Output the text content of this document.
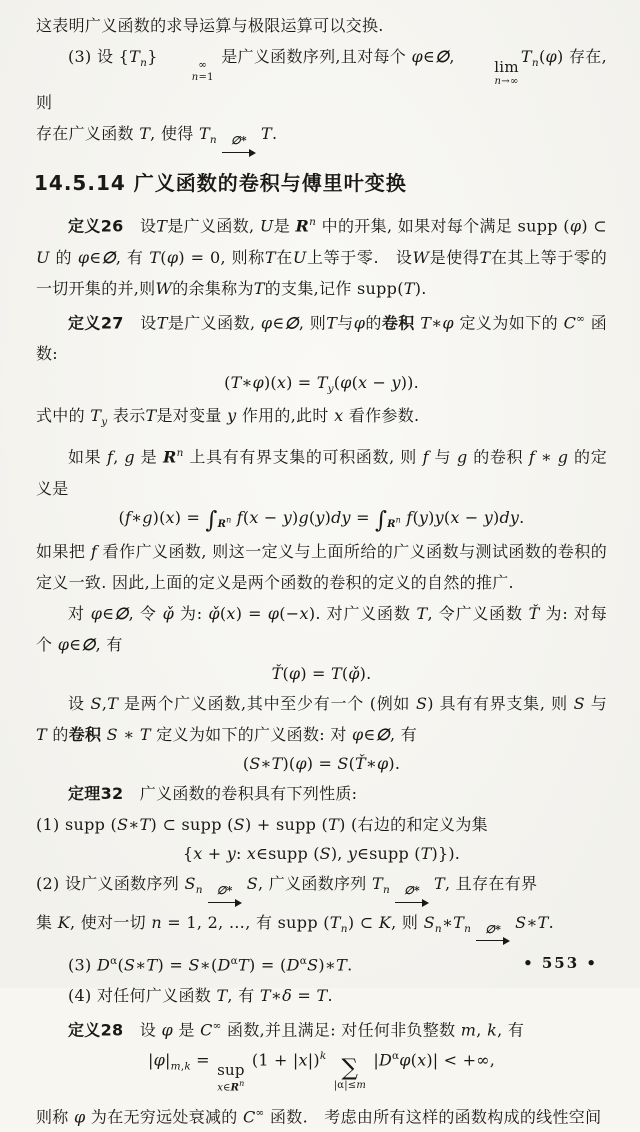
这表明广义函数的求导运算与极限运算可以交换.

(3) 设 $\{T_n\}$	∞
n=1
是广义函数序列,且对每个 φ∈∅,
lim
n→∞
$T_n(\varphi)$ 存在,则

存在广义函数 T, 使得 $T_n$ ∅* T.

14.5.14 广义函数的卷积与傅里叶变换

定义26　设T是广义函数, U是 $R^n$ 中的开集, 如果对每个满足 supp (φ) ⊂ U 的 φ∈∅, 有 T(φ) = 0, 则称T在U上等于零.　设W是使得T在其上等于零的一切开集的并,则W的余集称为T的支集,记作 supp(T).

定义27　设T是广义函数, φ∈∅, 则T与φ的卷积 T∗φ 定义为如下的 C∞ 函数:

(T∗φ)(x) = $T_y(\varphi(x - y))$.

式中的 $T_y$ 表示T是对变量 y 作用的,此时 x 看作参数.

如果 f, g 是 $R^n$ 上具有有界支集的可积函数, 则 f 与 g 的卷积 f ∗ g 的定义是

(f∗g)(x) = $\int_{R^n}$ $f(x - y)g(y)dy = \int_{R^n}$ f(y)y(x − y)dy.

如果把 f 看作广义函数, 则这一定义与上面所给的广义函数与测试函数的卷积的定义一致. 因此,上面的定义是两个函数的卷积的定义的自然的推广.

对 φ∈∅, 令 φ̌ 为: φ̌(x) = φ(−x). 对广义函数 T, 令广义函数 Ť 为: 对每个 φ∈∅, 有

Ť(φ) = T(φ̌).

设 S,T 是两个广义函数,其中至少有一个 (例如 S) 具有有界支集, 则 S 与 T 的卷积 S ∗ T 定义为如下的广义函数: 对 φ∈∅, 有

(S∗T)(φ) = S(Ť∗φ).

定理32　广义函数的卷积具有下列性质:

(1) supp (S∗T) ⊂ supp (S) + supp (T) (右边的和定义为集

{x + y: x∈supp (S), y∈supp (T)}).

(2) 设广义函数序列 $S_n$ ∅* S, 广义函数序列 $T_n$ ∅* T, 且存在有界

集 K, 使对一切 n = 1, 2, …, 有 supp $(T_n)$ ⊂ K, 则 $S_n∗T_n$ ∅* S∗T.

(3) $D^\alpha(S∗T)$ = $S∗(D^\alpha T)$ = $(D^\alpha S)∗T$.

(4) 对任何广义函数 T, 有 T∗δ = T.

定义28　设 φ 是 C∞ 函数,并且满足: 对任何非负整数 m, k, 有

$|\varphi|_{m,k}$ =
sup
$x\in R^n$
$(1 + |x|)^k$ ∑
|α|≤m
$|D^\alpha\varphi(x)|$ < +∞,

则称 φ 为在无穷远处衰减的 C∞ 函数.　考虑由所有这样的函数构成的线性空间

• 553 •
